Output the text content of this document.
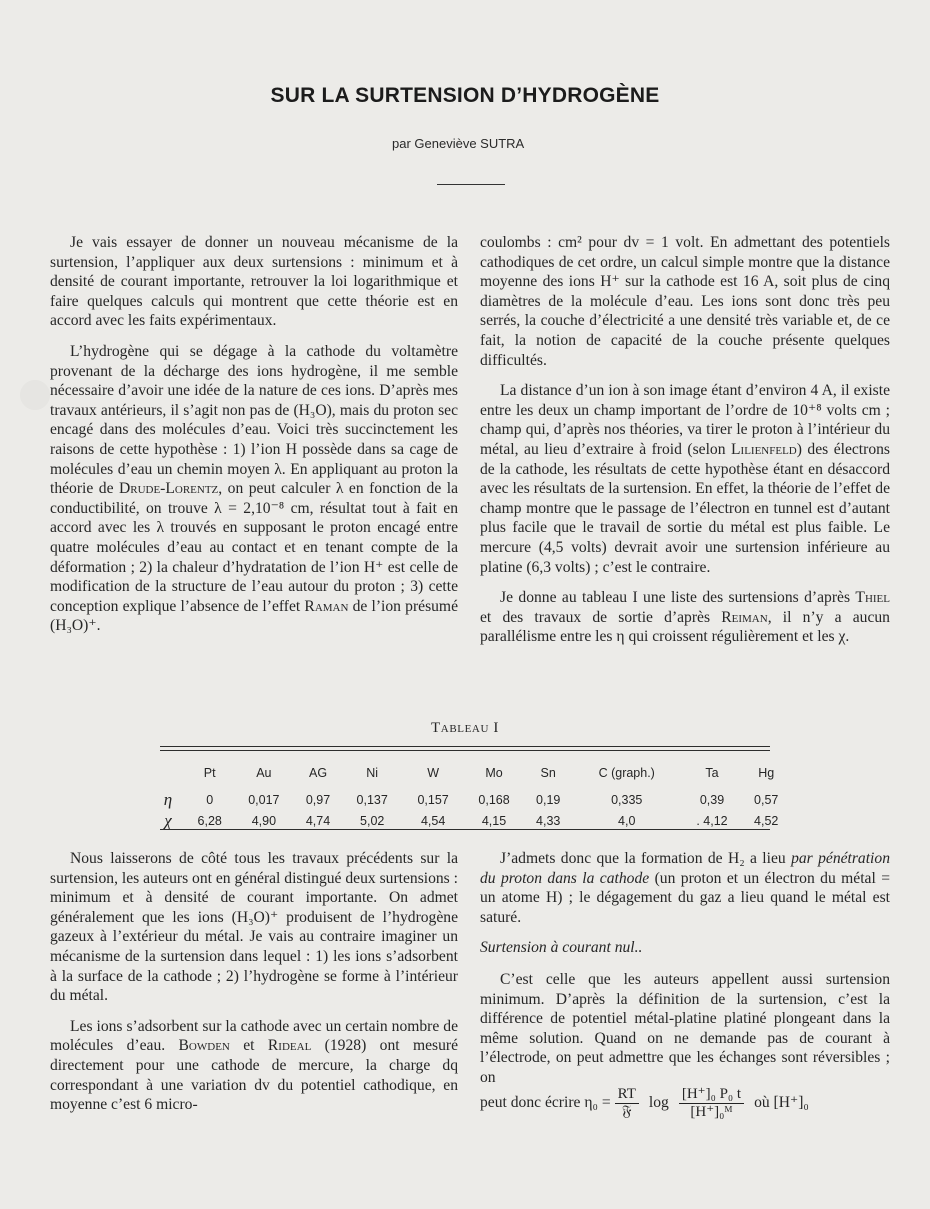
SUR LA SURTENSION D’HYDROGÈNE
par Geneviève SUTRA

Je vais essayer de donner un nouveau mécanisme de la surtension, l’appliquer aux deux surtensions : minimum et à densité de courant importante, retrouver la loi logarithmique et faire quelques calculs qui montrent que cette théorie est en accord avec les faits expérimentaux.

L’hydrogène qui se dégage à la cathode du voltamètre provenant de la décharge des ions hydrogène, il me semble nécessaire d’avoir une idée de la nature de ces ions. D’après mes travaux antérieurs, il s’agit non pas de (H₃O), mais du proton sec encagé dans des molécules d’eau. Voici très succinctement les raisons de cette hypothèse : 1) l’ion H possède dans sa cage de molécules d’eau un chemin moyen λ. En appliquant au proton la théorie de Drude-Lorentz, on peut calculer λ en fonction de la conductibilité, on trouve λ = 2,10⁻⁸ cm, résultat tout à fait en accord avec les λ trouvés en supposant le proton encagé entre quatre molécules d’eau au contact et en tenant compte de la déformation ; 2) la chaleur d’hydratation de l’ion H⁺ est celle de modification de la structure de l’eau autour du proton ; 3) cette conception explique l’absence de l’effet Raman de l’ion présumé (H₃O)⁺.

coulombs : cm² pour dv = 1 volt. En admettant des potentiels cathodiques de cet ordre, un calcul simple montre que la distance moyenne des ions H⁺ sur la cathode est 16 A, soit plus de cinq diamètres de la molécule d’eau. Les ions sont donc très peu serrés, la couche d’électricité a une densité très variable et, de ce fait, la notion de capacité de la couche présente quelques difficultés.

La distance d’un ion à son image étant d’environ 4 A, il existe entre les deux un champ important de l’ordre de 10⁺⁸ volts cm ; champ qui, d’après nos théories, va tirer le proton à l’intérieur du métal, au lieu d’extraire à froid (selon Lilienfeld) des électrons de la cathode, les résultats de cette hypothèse étant en désaccord avec les résultats de la surtension. En effet, la théorie de l’effet de champ montre que le passage de l’électron en tunnel est d’autant plus facile que le travail de sortie du métal est plus faible. Le mercure (4,5 volts) devrait avoir une surtension inférieure au platine (6,3 volts) ; c’est le contraire.

Je donne au tableau I une liste des surtensions d’après Thiel et des travaux de sortie d’après Reiman, il n’y a aucun parallélisme entre les η qui croissent régulièrement et les χ.

Tableau I
	Pt	Au	AG	Ni	W	Mo	Sn	C (graph.)	Ta	Hg

η	0	0,017	0,97	0,137	0,157	0,168	0,19	0,335	0,39	0,57
χ	6,28	4,90	4,74	5,02	4,54	4,15	4,33	4,0	. 4,12	4,52

Nous laisserons de côté tous les travaux précédents sur la surtension, les auteurs ont en général distingué deux surtensions : minimum et à densité de courant importante. On admet généralement que les ions (H₃O)⁺ produisent de l’hydrogène gazeux à l’extérieur du métal. Je vais au contraire imaginer un mécanisme de la surtension dans lequel : 1) les ions s’adsorbent à la surface de la cathode ; 2) l’hydrogène se forme à l’intérieur du métal.

Les ions s’adsorbent sur la cathode avec un certain nombre de molécules d’eau. Bowden et Rideal (1928) ont mesuré directement pour une cathode de mercure, la charge dq correspondant à une variation dv du potentiel cathodique, en moyenne c’est 6 micro-

J’admets donc que la formation de H₂ a lieu par pénétration du proton dans la cathode (un proton et un électron du métal = un atome H) ; le dégagement du gaz a lieu quand le métal est saturé.

Surtension à courant nul..

C’est celle que les auteurs appellent aussi surtension minimum. D’après la définition de la surtension, c’est la différence de potentiel métal-platine platiné plongeant dans la même solution. Quand on ne demande pas de courant à l’électrode, on peut admettre que les échanges sont réversibles ; on

peut donc écrire $\eta_0 = \frac{RT}{\text{𝔉}}$ $\log \frac{\text{[H⁺]₀ P₀ t}}{\text{[H⁺]₀ᴹ}}$ où [H⁺]₀
